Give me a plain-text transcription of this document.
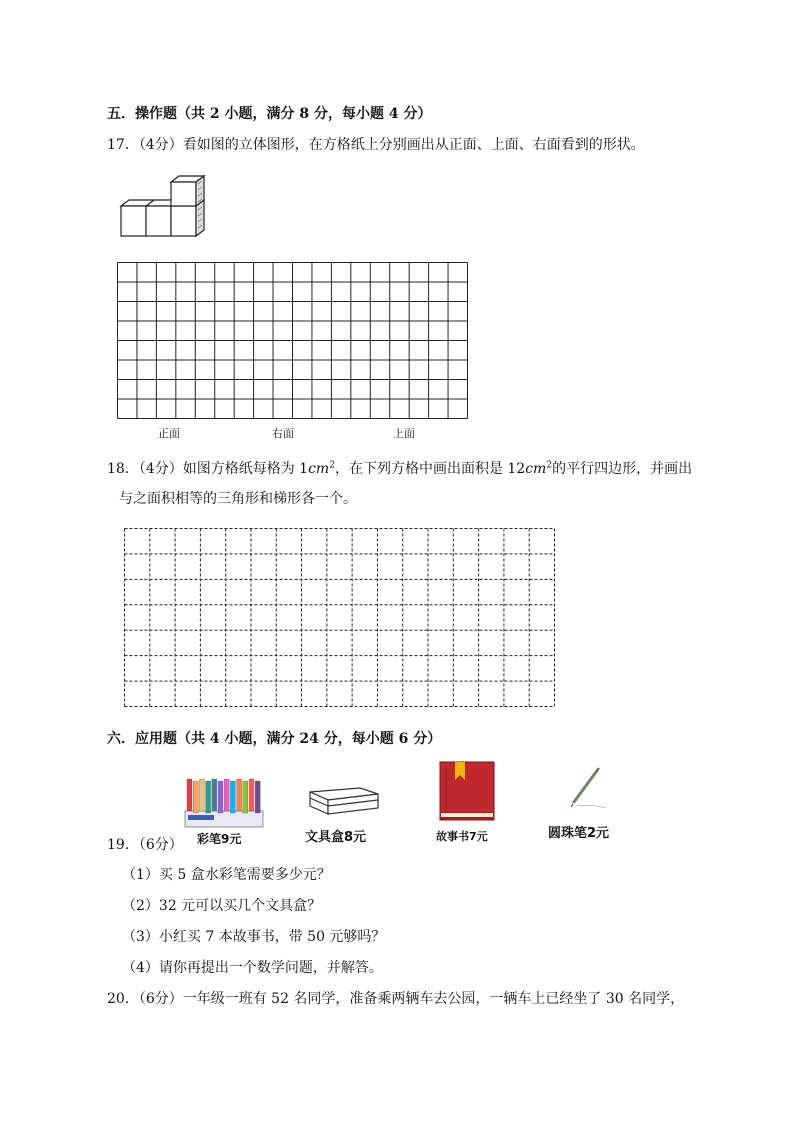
五．操作题（共 2 小题，满分 8 分，每小题 4 分）
17．（4分）看如图的立体图形，在方格纸上分别画出从正面、上面、右面看到的形状。
正面	右面	上面
18．（4分）如图方格纸每格为 $1cm^2$，在下列方格中画出面积是 $12cm^2$的平行四边形，并画出
与之面积相等的三角形和梯形各一个。
六．应用题（共 4 小题，满分 24 分，每小题 6 分）
彩笔9元	文具盒8元	故事书7元	圆珠笔2元
19．（6分）
（1）买 5 盒水彩笔需要多少元？
（2）32 元可以买几个文具盒？
（3）小红买 7 本故事书，带 50 元够吗？
（4）请你再提出一个数学问题，并解答。
20．（6分）一年级一班有 52 名同学，准备乘两辆车去公园，一辆车上已经坐了 30 名同学，
